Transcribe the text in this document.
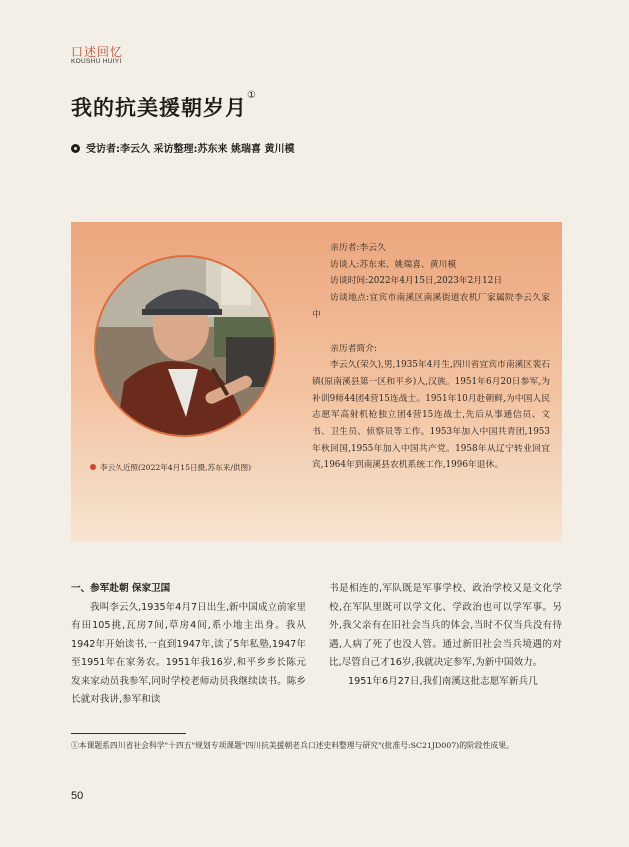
口述回忆
KOUSHU HUIYI
我的抗美援朝岁月①
受访者:李云久 采访整理:苏东来 姚瑞喜 黄川模
李云久近照(2022年4月15日摄,苏东来/供图)

亲历者:李云久

访谈人:苏东来、姚瑞喜、黄川模

访谈时间:2022年4月15日,2023年2月12日

访谈地点:宜宾市南溪区南溪街道农机厂家属院李云久家中

亲历者简介:

李云久(荣久),男,1935年4月生,四川省宜宾市南溪区裴石镇(原南溪县第一区和平乡)人,汉族。1951年6月20日参军,为补训9师44团4营15连战士。1951年10月赴朝鲜,为中国人民志愿军高射机枪独立团4营15连战士,先后从事通信员、文书、卫生员、侦察员等工作。1953年加入中国共青团,1953年秋回国,1955年加入中国共产党。1958年从辽宁转业回宜宾,1964年到南溪县农机系统工作,1996年退休。

一、参军赴朝 保家卫国

我叫李云久,1935年4月7日出生,新中国成立前家里有田105挑,瓦房7间,草房4间,系小地主出身。我从1942年开始读书,一直到1947年,读了5年私塾,1947年至1951年在家务农。1951年我16岁,和平乡乡长陈元发来家动员我参军,同时学校老师动员我继续读书。陈乡长就对我讲,参军和读

书是相连的,军队既是军事学校、政治学校又是文化学校,在军队里既可以学文化、学政治也可以学军事。另外,我父亲有在旧社会当兵的体会,当时不仅当兵没有待遇,人病了死了也没人管。通过新旧社会当兵境遇的对比,尽管自己才16岁,我就决定参军,为新中国效力。

1951年6月27日,我们南溪这批志愿军新兵几

①本课题系四川省社会科学"十四五"规划专项课题"四川抗美援朝老兵口述史料整理与研究"(批准号:SC21JD007)的阶段性成果。
50
